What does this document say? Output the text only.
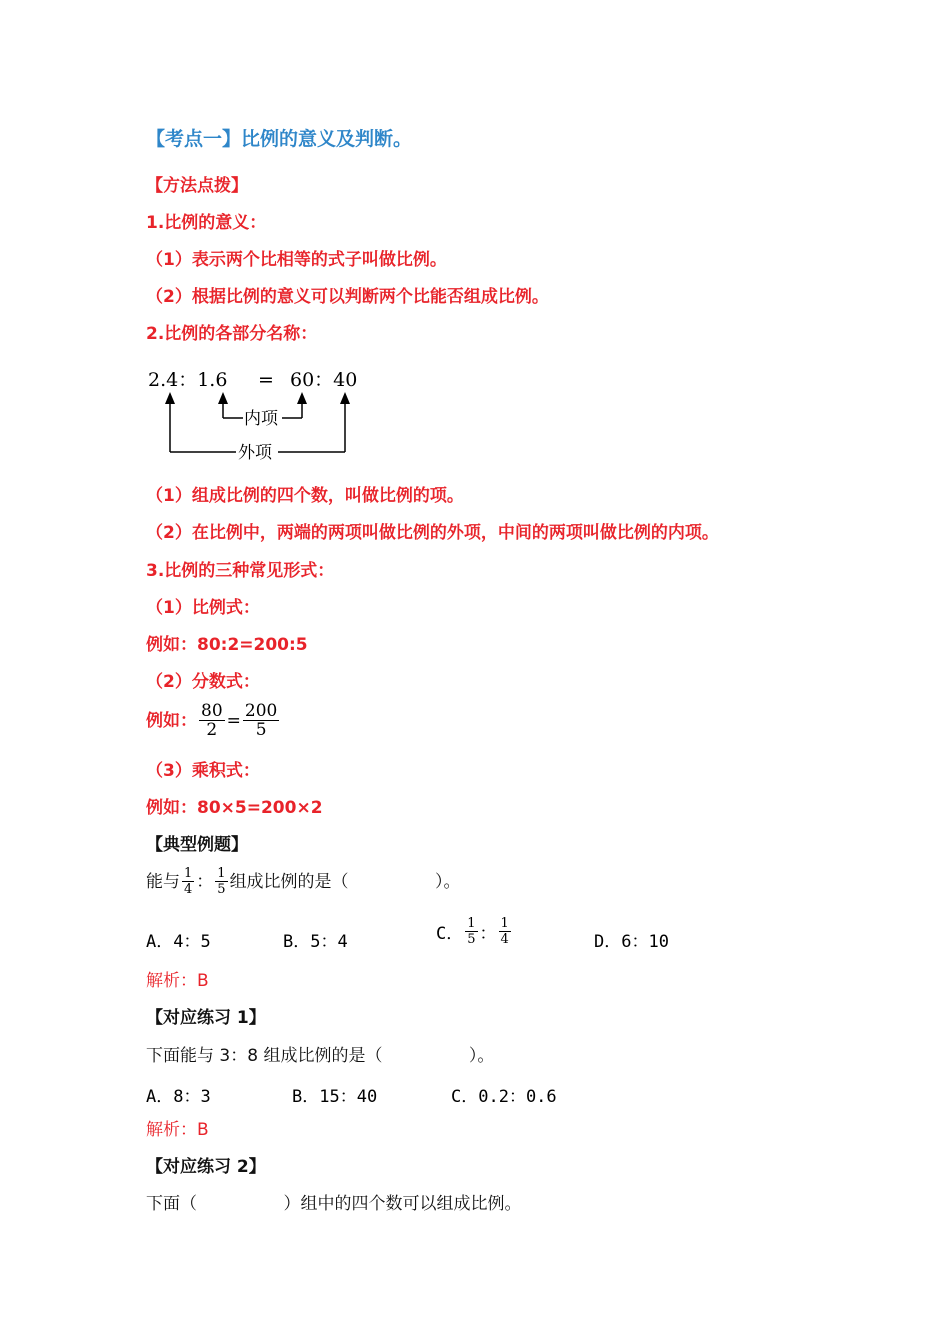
【考点一】比例的意义及判断。
【方法点拨】
1.比例的意义：
（1）表示两个比相等的式子叫做比例。
（2）根据比例的意义可以判断两个比能否组成比例。
2.比例的各部分名称：
2.4：1.6 = 60：40
内项
外项
（1）组成比例的四个数，叫做比例的项。
（2）在比例中，两端的两项叫做比例的外项，中间的两项叫做比例的内项。
3.比例的三种常见形式：
（1）比例式：
例如：80:2=200:5
（2）分数式：
例如： $\frac{80}{2} = \frac{200}{5}$
（3）乘积式：
例如：80×5=200×2
【典型例题】
能与 $\frac{1}{4}$ ： $\frac{1}{5}$ 组成比例的是（                ）。
A．4：5	B．5：4	C． $\frac{1}{5}$ ： $\frac{1}{4}$	D．6：10
解析：B
【对应练习 1】
下面能与 3：8 组成比例的是（                ）。
A．8：3	B．15：40	C．0.2：0.6
解析：B
【对应练习 2】
下面（                ）组中的四个数可以组成比例。
